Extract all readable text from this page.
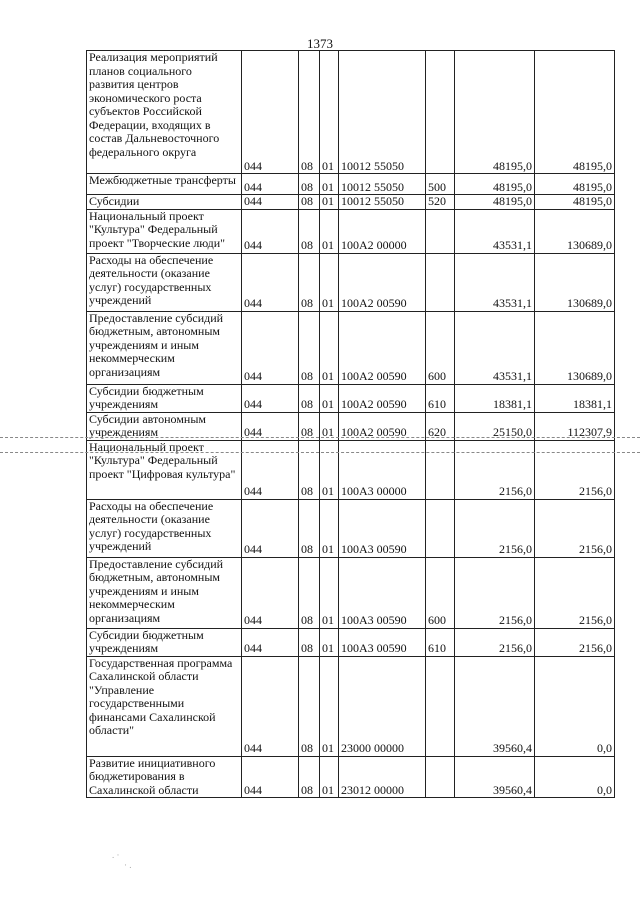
1373
Реализация мероприятий планов социального развития центров экономического роста субъектов Российской Федерации, входящих в состав Дальневосточного федерального округа	044	08	01	10012 55050		48195,0	48195,0
Межбюджетные трансферты	044	08	01	10012 55050	500	48195,0	48195,0
Субсидии	044	08	01	10012 55050	520	48195,0	48195,0
Национальный проект "Культура" Федеральный проект "Творческие люди"	044	08	01	100А2 00000		43531,1	130689,0
Расходы на обеспечение деятельности (оказание услуг) государственных учреждений	044	08	01	100А2 00590		43531,1	130689,0
Предоставление субсидий бюджетным, автономным учреждениям и иным некоммерческим организациям	044	08	01	100А2 00590	600	43531,1	130689,0
Субсидии бюджетным учреждениям	044	08	01	100А2 00590	610	18381,1	18381,1
Субсидии автономным учреждениям	044	08	01	100А2 00590	620	25150,0	112307,9
Национальный проект "Культура" Федеральный проект "Цифровая культура"	044	08	01	100А3 00000		2156,0	2156,0
Расходы на обеспечение деятельности (оказание услуг) государственных учреждений	044	08	01	100А3 00590		2156,0	2156,0
Предоставление субсидий бюджетным, автономным учреждениям и иным некоммерческим организациям	044	08	01	100А3 00590	600	2156,0	2156,0
Субсидии бюджетным учреждениям	044	08	01	100А3 00590	610	2156,0	2156,0
Государственная программа Сахалинской области "Управление государственными финансами Сахалинской области"	044	08	01	23000 00000		39560,4	0,0
Развитие инициативного бюджетирования в Сахалинской области	044	08	01	23012 00000		39560,4	0,0
. ·
· .
